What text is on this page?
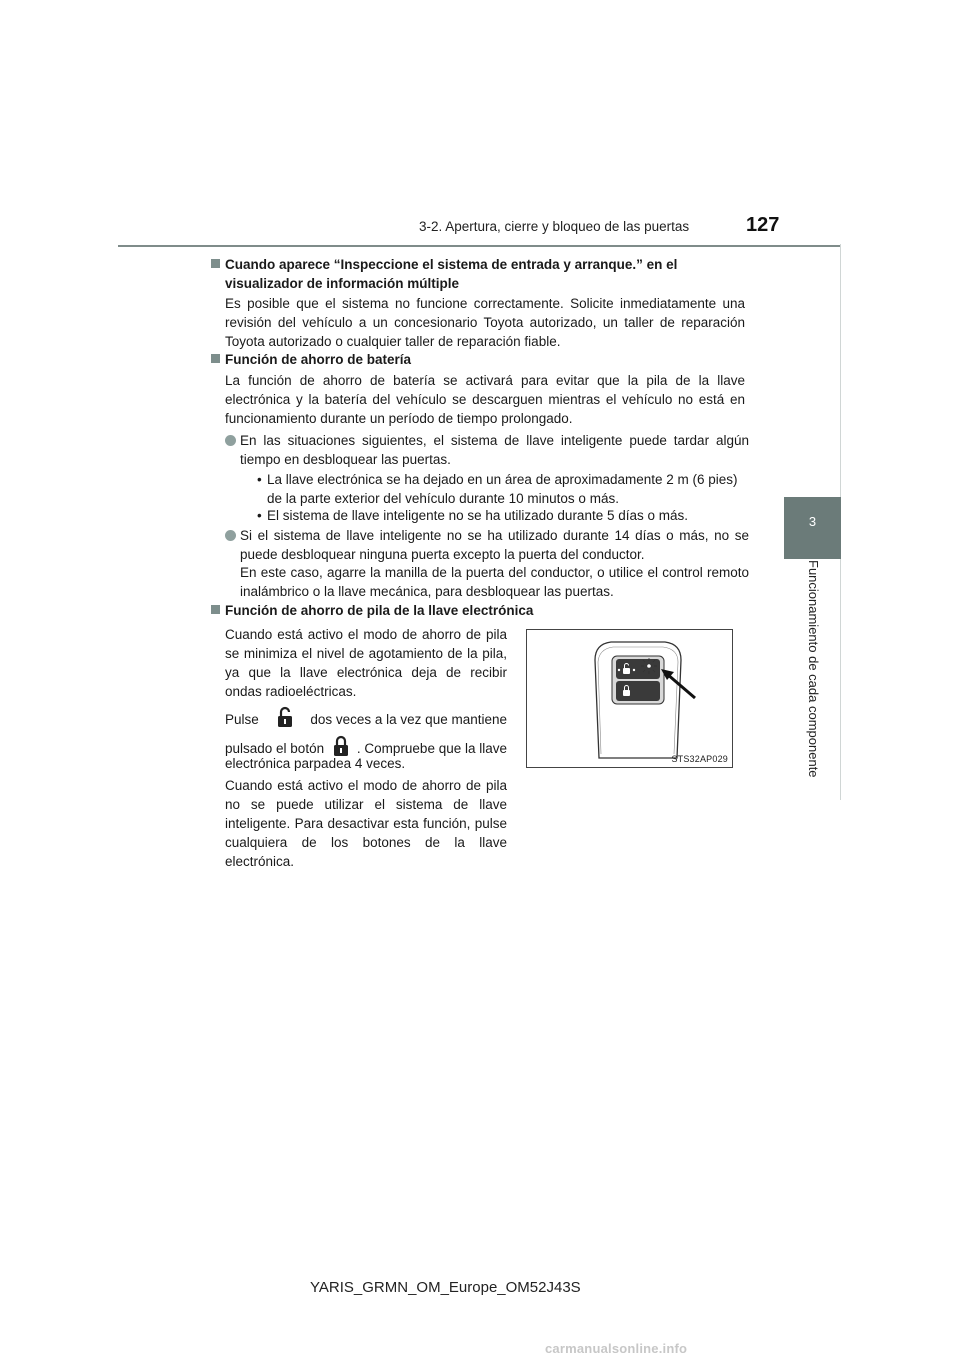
3-2. Apertura, cierre y bloqueo de las puertas	127
3
Funcionamiento de cada componente
Cuando aparece “Inspeccione el sistema de entrada y arranque.” en el
visualizador de información múltiple
Es posible que el sistema no funcione correctamente. Solicite inmediatamente una revisión del vehículo a un concesionario Toyota autorizado, un taller de reparación Toyota autorizado o cualquier taller de reparación fiable.
Función de ahorro de batería
La función de ahorro de batería se activará para evitar que la pila de la llave electrónica y la batería del vehículo se descarguen mientras el vehículo no está en funcionamiento durante un período de tiempo prolongado.
En las situaciones siguientes, el sistema de llave inteligente puede tardar algún tiempo en desbloquear las puertas.
• La llave electrónica se ha dejado en un área de aproximadamente 2 m (6 pies) de la parte exterior del vehículo durante 10 minutos o más.
• El sistema de llave inteligente no se ha utilizado durante 5 días o más.
Si el sistema de llave inteligente no se ha utilizado durante 14 días o más, no se puede desbloquear ninguna puerta excepto la puerta del conductor.
En este caso, agarre la manilla de la puerta del conductor, o utilice el control remoto inalámbrico o la llave mecánica, para desbloquear las puertas.
Función de ahorro de pila de la llave electrónica
Cuando está activo el modo de ahorro de pila se minimiza el nivel de agotamiento de la pila, ya que la llave electrónica deja de recibir ondas radioeléctricas.
Pulse	dos veces a la vez que mantiene
pulsado el botón . Compruebe que la llave
electrónica parpadea 4 veces.
Cuando está activo el modo de ahorro de pila no se puede utilizar el sistema de llave inteligente. Para desactivar esta función, pulse cualquiera de los botones de la llave electrónica.
STS32AP029
YARIS_GRMN_OM_Europe_OM52J43S
carmanualsonline.info
